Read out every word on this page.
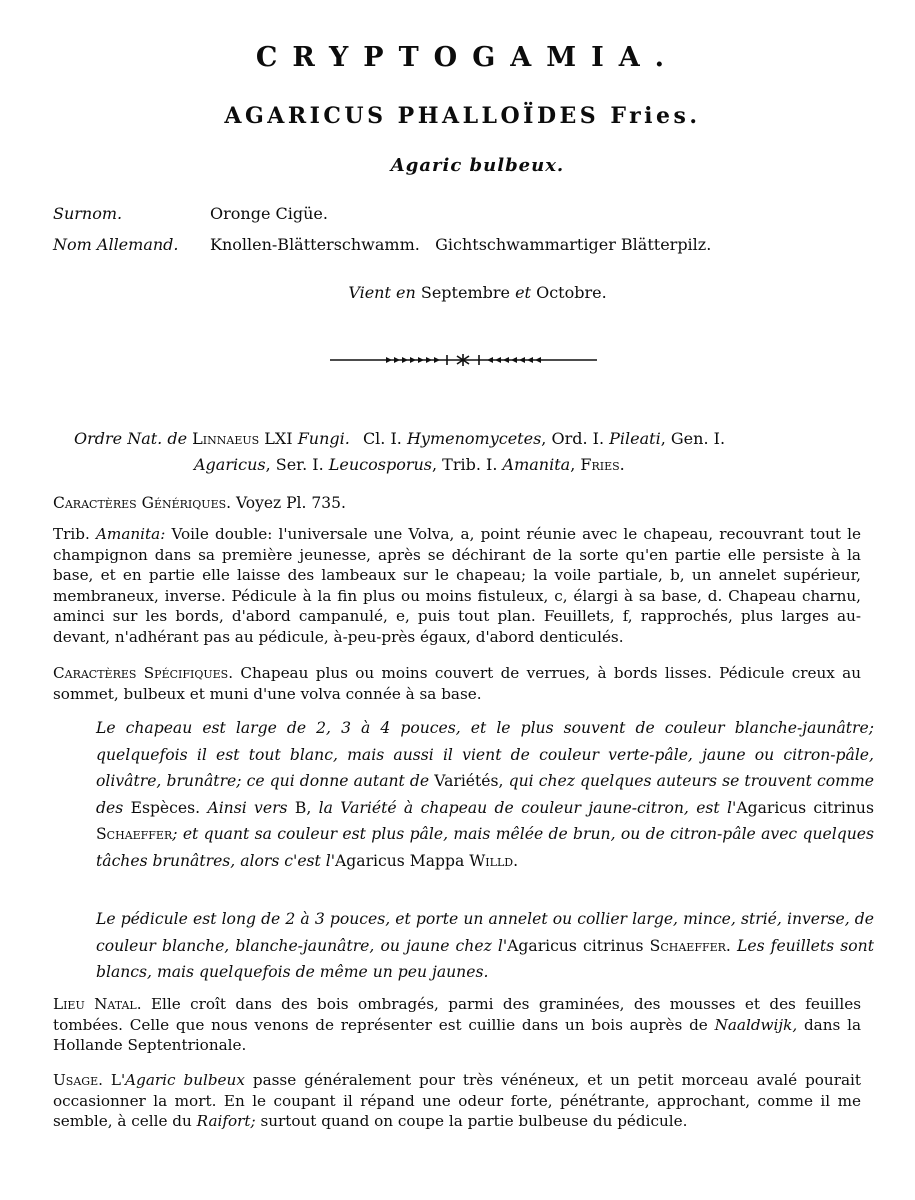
CRYPTOGAMIA.
AGARICUS PHALLOÏDES Fries.
Agaric bulbeux.
Surnom.	Oronge Cigüe.
Nom Allemand. Knollen-Blätterschwamm.   Gichtschwammartiger Blätterpilz.
Vient en Septembre et Octobre.
Ordre Nat. de Linnaeus LXI Fungi. Cl. I. Hymenomycetes, Ord. I. Pileati, Gen. I.
Agaricus, Ser. I. Leucosporus, Trib. I. Amanita, Fries.
Caractères Génériques. Voyez Pl. 735.
Trib. Amanita: Voile double: l'universale une Volva, a, point réunie avec le chapeau, recouvrant tout le champignon dans sa première jeunesse, après se déchirant de la sorte qu'en partie elle persiste à la base, et en partie elle laisse des lambeaux sur le chapeau; la voile partiale, b, un annelet supérieur, membraneux, inverse. Pédicule à la fin plus ou moins fistuleux, c, élargi à sa base, d. Chapeau charnu, aminci sur les bords, d'abord campanulé, e, puis tout plan. Feuillets, f, rapprochés, plus larges au-devant, n'adhérant pas au pédicule, à-peu-près égaux, d'abord denticulés.
Caractères Spécifiques. Chapeau plus ou moins couvert de verrues, à bords lisses. Pédicule creux au sommet, bulbeux et muni d'une volva connée à sa base.
Le chapeau est large de 2, 3 à 4 pouces, et le plus souvent de couleur blanche-jaunâtre; quelquefois il est tout blanc, mais aussi il vient de couleur verte-pâle, jaune ou citron-pâle, olivâtre, brunâtre; ce qui donne autant de Variétés, qui chez quelques auteurs se trouvent comme des Espèces. Ainsi vers B, la Variété à chapeau de couleur jaune-citron, est l'Agaricus citrinus Schaeffer; et quant sa couleur est plus pâle, mais mêlée de brun, ou de citron-pâle avec quelques tâches brunâtres, alors c'est l'Agaricus Mappa Willd.
Le pédicule est long de 2 à 3 pouces, et porte un annelet ou collier large, mince, strié, inverse, de couleur blanche, blanche-jaunâtre, ou jaune chez l'Agaricus citrinus Schaeffer. Les feuillets sont blancs, mais quelquefois de même un peu jaunes.
Lieu Natal. Elle croît dans des bois ombragés, parmi des graminées, des mousses et des feuilles tombées. Celle que nous venons de représenter est cuillie dans un bois auprès de Naaldwijk, dans la Hollande Septentrionale.
Usage. L'Agaric bulbeux passe généralement pour très vénéneux, et un petit morceau avalé pourait occasionner la mort. En le coupant il répand une odeur forte, pénétrante, approchant, comme il me semble, à celle du Raifort; surtout quand on coupe la partie bulbeuse du pédicule.
